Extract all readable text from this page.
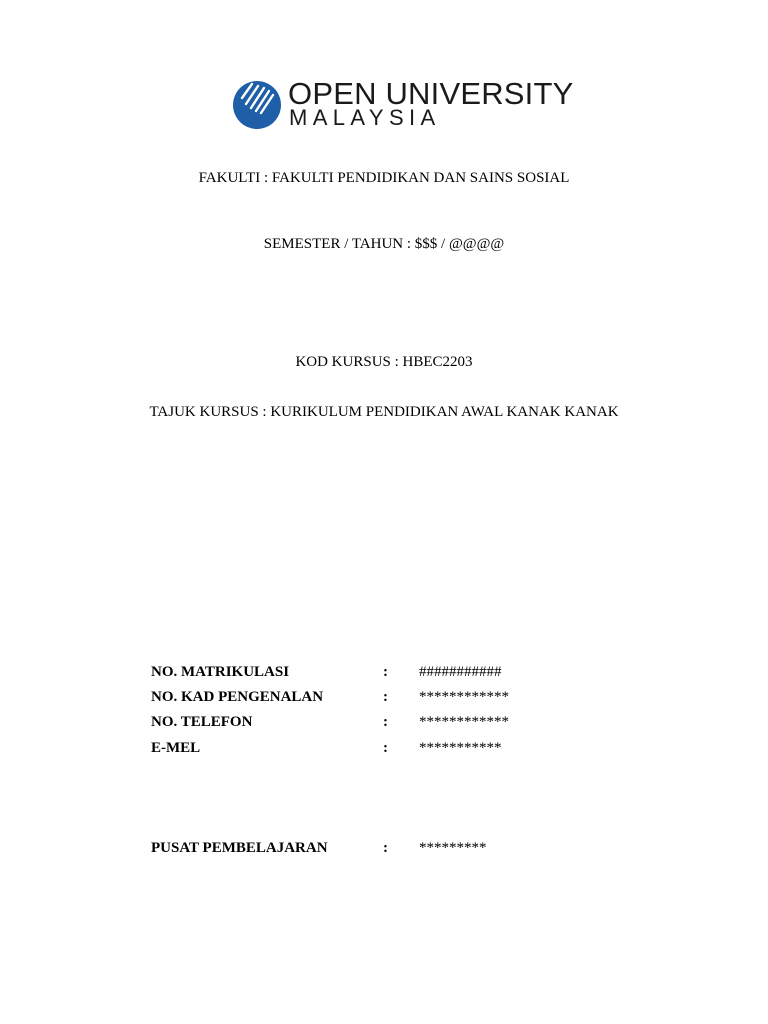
OPEN UNIVERSITY
MALAYSIA
FAKULTI : FAKULTI PENDIDIKAN DAN SAINS SOSIAL
SEMESTER / TAHUN : $$$ / @@@@
KOD KURSUS : HBEC2203
TAJUK KURSUS : KURIKULUM PENDIDIKAN AWAL KANAK KANAK
NO. MATRIKULASI	: ###########
NO. KAD PENGENALAN	: ************
NO. TELEFON	: ************
E-MEL	: ***********
PUSAT PEMBELAJARAN	: *********
